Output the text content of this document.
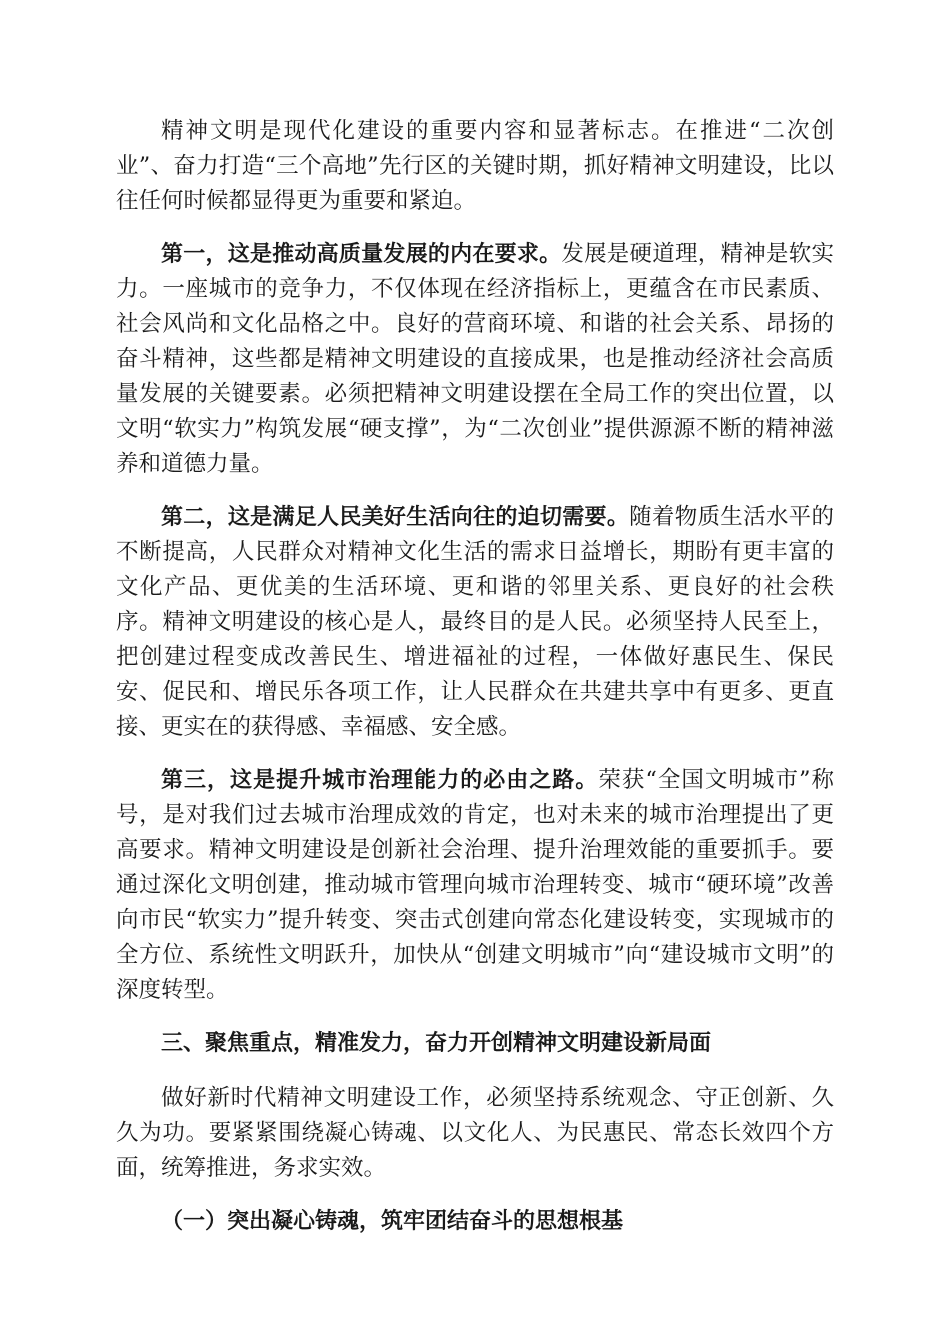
精神文明是现代化建设的重要内容和显著标志。在推进“二次创业”、奋力打造“三个高地”先行区的关键时期，抓好精神文明建设，比以往任何时候都显得更为重要和紧迫。

第一，这是推动高质量发展的内在要求。发展是硬道理，精神是软实力。一座城市的竞争力，不仅体现在经济指标上，更蕴含在市民素质、社会风尚和文化品格之中。良好的营商环境、和谐的社会关系、昂扬的奋斗精神，这些都是精神文明建设的直接成果，也是推动经济社会高质量发展的关键要素。必须把精神文明建设摆在全局工作的突出位置，以文明“软实力”构筑发展“硬支撑”，为“二次创业”提供源源不断的精神滋养和道德力量。

第二，这是满足人民美好生活向往的迫切需要。随着物质生活水平的不断提高，人民群众对精神文化生活的需求日益增长，期盼有更丰富的文化产品、更优美的生活环境、更和谐的邻里关系、更良好的社会秩序。精神文明建设的核心是人，最终目的是人民。必须坚持人民至上，把创建过程变成改善民生、增进福祉的过程，一体做好惠民生、保民安、促民和、增民乐各项工作，让人民群众在共建共享中有更多、更直接、更实在的获得感、幸福感、安全感。

第三，这是提升城市治理能力的必由之路。荣获“全国文明城市”称号，是对我们过去城市治理成效的肯定，也对未来的城市治理提出了更高要求。精神文明建设是创新社会治理、提升治理效能的重要抓手。要通过深化文明创建，推动城市管理向城市治理转变、城市“硬环境”改善向市民“软实力”提升转变、突击式创建向常态化建设转变，实现城市的全方位、系统性文明跃升，加快从“创建文明城市”向“建设城市文明”的深度转型。

三、聚焦重点，精准发力，奋力开创精神文明建设新局面

做好新时代精神文明建设工作，必须坚持系统观念、守正创新、久久为功。要紧紧围绕凝心铸魂、以文化人、为民惠民、常态长效四个方面，统筹推进，务求实效。

（一）突出凝心铸魂，筑牢团结奋斗的思想根基
